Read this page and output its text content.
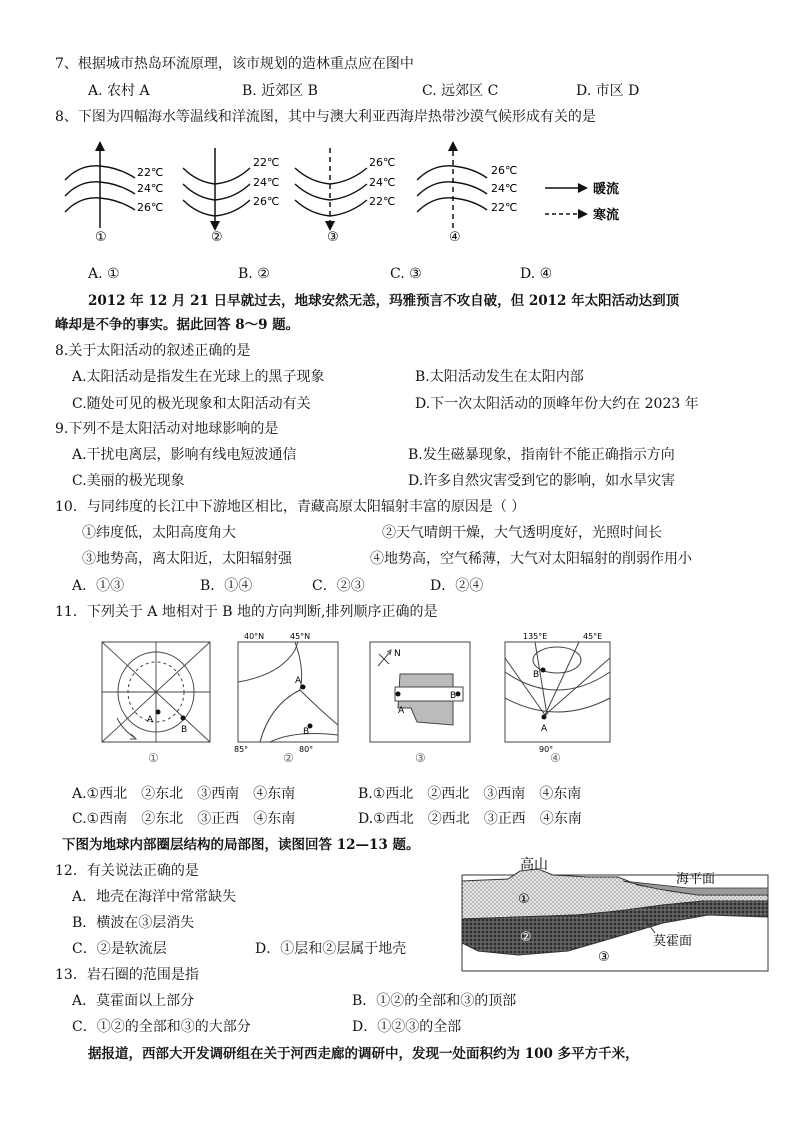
7、根据城市热岛环流原理，该市规划的造林重点应在图中
A. 农村 A	B. 近郊区 B	C. 远郊区 C	D. 市区 D
8、下图为四幅海水等温线和洋流图，其中与澳大利亚西海岸热带沙漠气候形成有关的是
22℃
24℃
26℃
①
22℃
24℃
26℃
②
26℃
24℃
22℃
③
26℃
24℃
22℃
④
暖流
寒流
A. ①	B. ②	C. ③	D. ④
2012 年 12 月 21 日早就过去，地球安然无恙，玛雅预言不攻自破，但 2012 年太阳活动达到顶
峰却是不争的事实。据此回答 8～9 题。
8.关于太阳活动的叙述正确的是
A.太阳活动是指发生在光球上的黑子现象	B.太阳活动发生在太阳内部
C.随处可见的极光现象和太阳活动有关	D.下一次太阳活动的顶峰年份大约在 2023 年
9.下列不是太阳活动对地球影响的是
A.干扰电离层，影响有线电短波通信	B.发生磁暴现象，指南针不能正确指示方向
C.美丽的极光现象	D.许多自然灾害受到它的影响，如水旱灾害
10．与同纬度的长江中下游地区相比，青藏高原太阳辐射丰富的原因是（ ）
①纬度低，太阳高度角大	②天气晴朗干燥，大气透明度好，光照时间长
③地势高，离太阳近，太阳辐射强	④地势高，空气稀薄，大气对太阳辐射的削弱作用小
A．①③	B．①④	C．②③	D．②④
11．下列关于 A 地相对于 B 地的方向判断,排列顺序正确的是
A
B
①
A
B
40°N	45°N
85°	80°
②
N
A
B
③
A
B
135°E	45°E
90°
④
A.①西北　②东北　③西南　④东南	B.①西北　②西北　③西南　④东南
C.①西南　②东北　③正西　④东南	D.①西北　②西北　③正西　④东南
下图为地球内部圈层结构的局部图，读图回答 12—13 题。
12．有关说法正确的是
A．地壳在海洋中常常缺失
B．横波在③层消失
C．②是软流层	D．①层和②层属于地壳
高山
海平面
莫霍面
①
②
③
13．岩石圈的范围是指
A．莫霍面以上部分	B．①②的全部和③的顶部
C．①②的全部和③的大部分	D．①②③的全部
据报道，西部大开发调研组在关于河西走廊的调研中，发现一处面积约为 100 多平方千米，
